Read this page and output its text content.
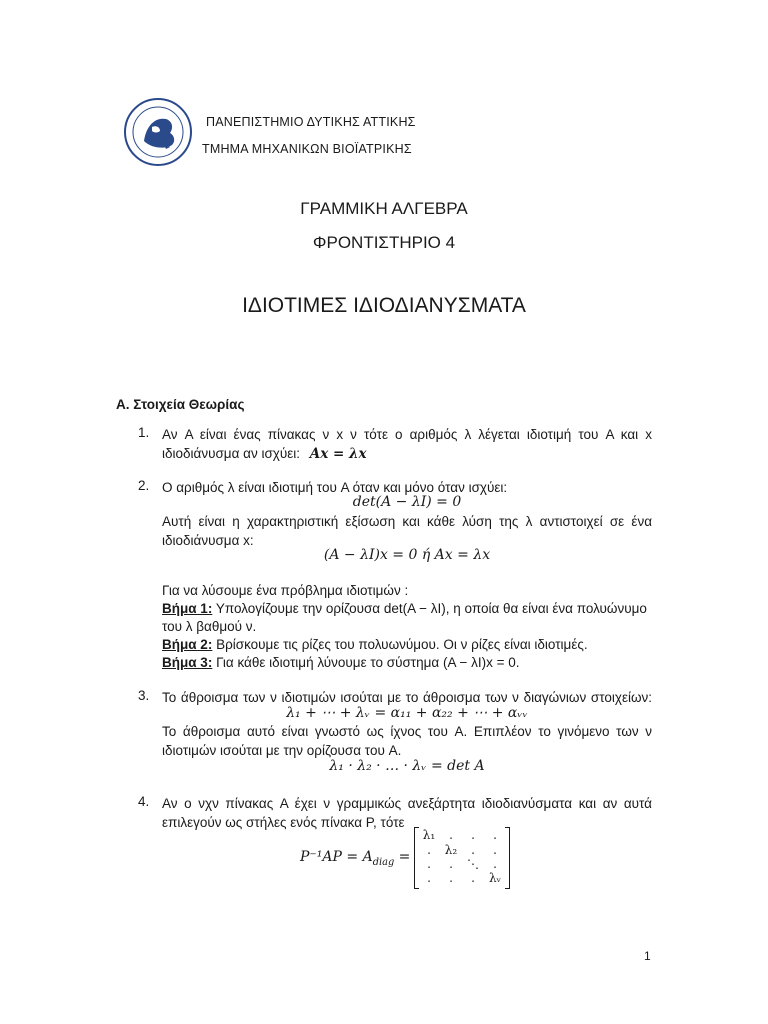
ΠΑΝΕΠΙΣΤΗΜΙΟ ΔΥΤΙΚΗΣ ΑΤΤΙΚΗΣ
ΤΜΗΜΑ ΜΗΧΑΝΙΚΩΝ ΒΙΟΪΑΤΡΙΚΗΣ
ΓΡΑΜΜΙΚΗ ΑΛΓΕΒΡΑ
ΦΡΟΝΤΙΣΤΗΡΙΟ 4
ΙΔΙΟΤΙΜΕΣ ΙΔΙΟΔΙΑΝΥΣΜΑΤΑ
Α. Στοιχεία Θεωρίας
1. Αν A είναι ένας πίνακας ν x ν τότε ο αριθμός λ λέγεται ιδιοτιμή του A και x
ιδιοδιάνυσμα αν ισχύει: Ax = λx
2. Ο αριθμός λ είναι ιδιοτιμή του A όταν και μόνο όταν ισχύει:
det(A − λI) = 0
Αυτή είναι η χαρακτηριστική εξίσωση και κάθε λύση της λ αντιστοιχεί σε ένα
ιδιοδιάνυσμα x:
(A − λI)x = 0 ή Ax = λx
Για να λύσουμε ένα πρόβλημα ιδιοτιμών :
Βήμα 1: Υπολογίζουμε την ορίζουσα det(A − λI), η οποία θα είναι ένα πολυώνυμο
του λ βαθμού ν.
Βήμα 2: Βρίσκουμε τις ρίζες του πολυωνύμου. Οι ν ρίζες είναι ιδιοτιμές.
Βήμα 3: Για κάθε ιδιοτιμή λύνουμε το σύστημα (A − λI)x = 0.
3. Το άθροισμα των ν ιδιοτιμών ισούται με το άθροισμα των ν διαγώνιων στοιχείων:
λ₁ + ⋯ + λᵥ = α₁₁ + α₂₂ + ⋯ + αᵥᵥ
Το άθροισμα αυτό είναι γνωστό ως ίχνος του A. Επιπλέον το γινόμενο των ν
ιδιοτιμών ισούται με την ορίζουσα του A.
λ₁ · λ₂ · … · λᵥ = det A
4. Αν ο νχν πίνακας A έχει ν γραμμικώς ανεξάρτητα ιδιοδιανύσματα και αν αυτά
επιλεγούν ως στήλες ενός πίνακα P, τότε
$P^{-1}AP = A_{diag}$ =
λ₁	.	.	.
.	λ₂	.	.
.	.	⋱	.
.	.	.	λᵥ
1
